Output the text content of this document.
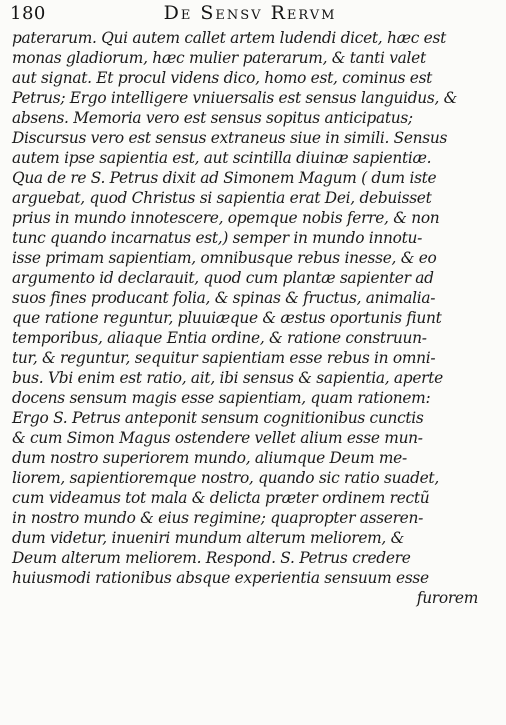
180	De Sensv Rervm
paterarum. Qui autem callet artem ludendi dicet, hæc est
monas gladiorum, hæc mulier paterarum, & tanti valet
aut signat. Et procul videns dico, homo est, cominus est
Petrus; Ergo intelligere vniuersalis est sensus languidus, &
absens. Memoria vero est sensus sopitus anticipatus;
Discursus vero est sensus extraneus siue in simili. Sensus
autem ipse sapientia est, aut scintilla diuinæ sapientiæ.
Qua de re S. Petrus dixit ad Simonem Magum ( dum iste
arguebat, quod Christus si sapientia erat Dei, debuisset
prius in mundo innotescere, opemque nobis ferre, & non
tunc quando incarnatus est,) semper in mundo innotu-
isse primam sapientiam, omnibusque rebus inesse, & eo
argumento id declarauit, quod cum plantæ sapienter ad
suos fines producant folia, & spinas & fructus, animalia-
que ratione reguntur, pluuiæque & æstus oportunis fiunt
temporibus, aliaque Entia ordine, & ratione construun-
tur, & reguntur, sequitur sapientiam esse rebus in omni-
bus. Vbi enim est ratio, ait, ibi sensus & sapientia, aperte
docens sensum magis esse sapientiam, quam rationem:
Ergo S. Petrus anteponit sensum cognitionibus cunctis
& cum Simon Magus ostendere vellet alium esse mun-
dum nostro superiorem mundo, aliumque Deum me-
liorem, sapientioremque nostro, quando sic ratio suadet,
cum videamus tot mala & delicta præter ordinem rectũ
in nostro mundo & eius regimine; quapropter asseren-
dum videtur, inueniri mundum alterum meliorem, &
Deum alterum meliorem. Respond. S. Petrus credere
huiusmodi rationibus absque experientia sensuum esse
furorem
